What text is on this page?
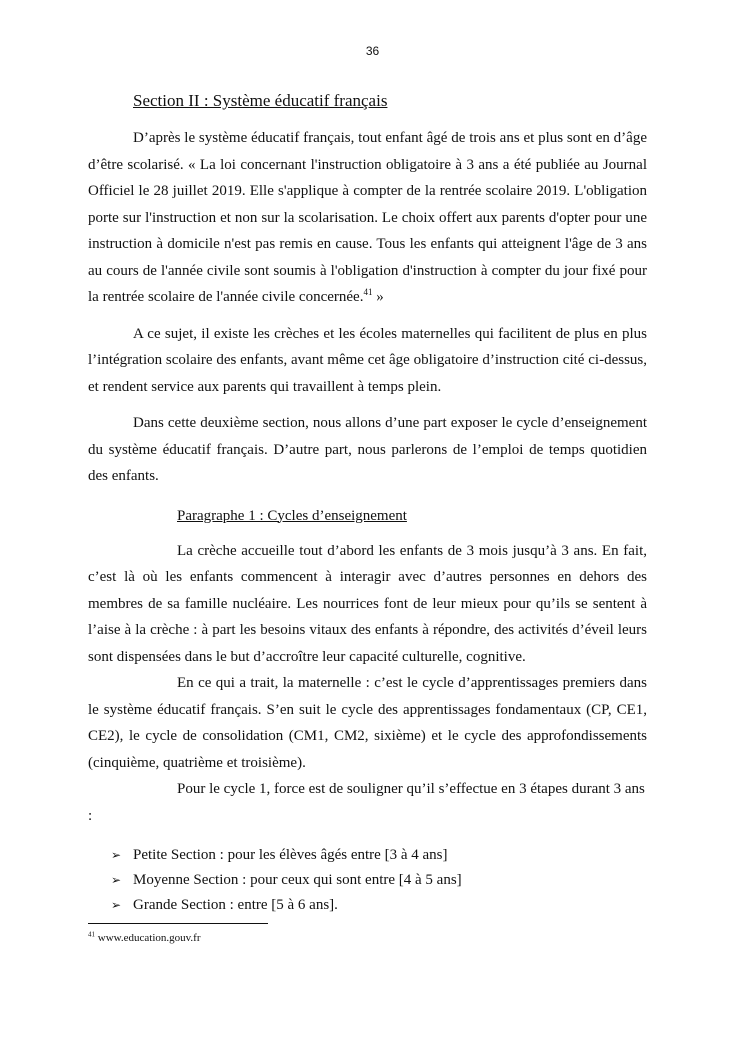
36
Section II : Système éducatif français

D’après le système éducatif français, tout enfant âgé de trois ans et plus sont en d’âge d’être scolarisé. « La loi concernant l'instruction obligatoire à 3 ans a été publiée au Journal Officiel le 28 juillet 2019. Elle s'applique à compter de la rentrée scolaire 2019. L'obligation porte sur l'instruction et non sur la scolarisation. Le choix offert aux parents d'opter pour une instruction à domicile n'est pas remis en cause. Tous les enfants qui atteignent l'âge de 3 ans au cours de l'année civile sont soumis à l'obligation d'instruction à compter du jour fixé pour la rentrée scolaire de l'année civile concernée.$^{41}$ »

A ce sujet, il existe les crèches et les écoles maternelles qui facilitent de plus en plus l’intégration scolaire des enfants, avant même cet âge obligatoire d’instruction cité ci-dessus, et rendent service aux parents qui travaillent à temps plein.

Dans cette deuxième section, nous allons d’une part exposer le cycle d’enseignement du système éducatif français. D’autre part, nous parlerons de l’emploi de temps quotidien des enfants.

Paragraphe 1 : Cycles d’enseignement

La crèche accueille tout d’abord les enfants de 3 mois jusqu’à 3 ans. En fait, c’est là où les enfants commencent à interagir avec d’autres personnes en dehors des membres de sa famille nucléaire. Les nourrices font de leur mieux pour qu’ils se sentent à l’aise à la crèche : à part les besoins vitaux des enfants à répondre, des activités d’éveil leurs sont dispensées dans le but d’accroître leur capacité culturelle, cognitive.

En ce qui a trait, la maternelle : c’est le cycle d’apprentissages premiers dans le système éducatif français. S’en suit le cycle des apprentissages fondamentaux (CP, CE1, CE2), le cycle de consolidation (CM1, CM2, sixième) et le cycle des approfondissements (cinquième, quatrième et troisième).

Pour le cycle 1, force est de souligner qu’il s’effectue en 3 étapes durant 3 ans :

➢ Petite Section : pour les élèves âgés entre [3 à 4 ans]
➢ Moyenne Section : pour ceux qui sont entre [4 à 5 ans]
➢ Grande Section : entre [5 à 6 ans].
$^{41}$ www.education.gouv.fr
